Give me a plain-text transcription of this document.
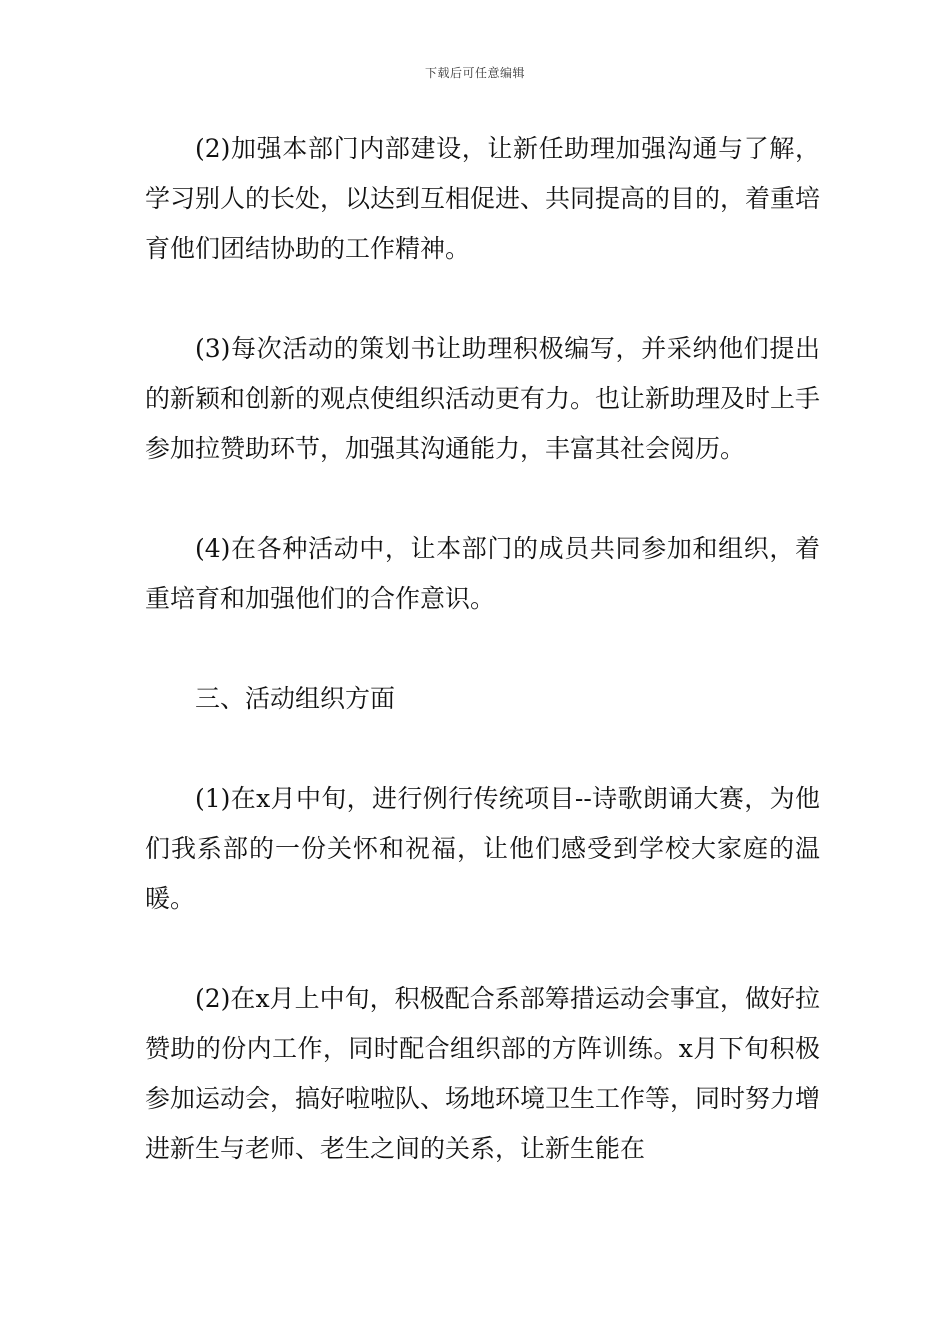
下载后可任意编辑

(2)加强本部门内部建设，让新任助理加强沟通与了解，学习别人的长处，以达到互相促进、共同提高的目的，着重培育他们团结协助的工作精神。

(3)每次活动的策划书让助理积极编写，并采纳他们提出的新颖和创新的观点使组织活动更有力。也让新助理及时上手参加拉赞助环节，加强其沟通能力，丰富其社会阅历。

(4)在各种活动中，让本部门的成员共同参加和组织，着重培育和加强他们的合作意识。

三、活动组织方面

(1)在x月中旬，进行例行传统项目--诗歌朗诵大赛，为他们我系部的一份关怀和祝福，让他们感受到学校大家庭的温暖。

(2)在x月上中旬，积极配合系部筹措运动会事宜，做好拉赞助的份内工作，同时配合组织部的方阵训练。x月下旬积极参加运动会，搞好啦啦队、场地环境卫生工作等，同时努力增进新生与老师、老生之间的关系，让新生能在
